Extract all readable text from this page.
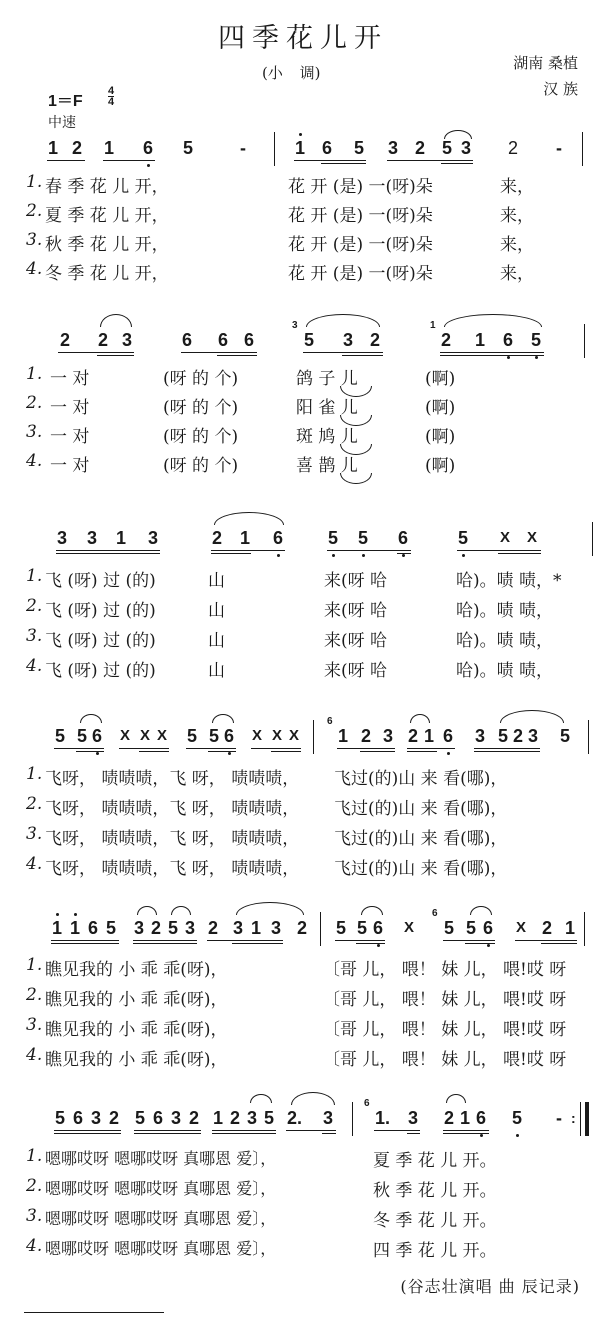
四季花儿开
(小 调)
湖南 桑植
汉 族
1＝F
4
4
中速
1 2 1 6 5	-	1 6 5 3 2 5 3 2 -
1. 春 季 花 儿 开，	花 开 (是) 一(呀)朵	来，
2. 夏 季 花 儿 开，	花 开 (是) 一(呀)朵	来，
3. 秋 季 花 儿 开，	花 开 (是) 一(呀)朵	来，
4. 冬 季 花 儿 开，	花 开 (是) 一(呀)朵	来，
2 2 3	6 6 6
3
5 3 2
1
2 1 6 5
1. 一 对	(呀 的 个)	鸽 子 儿	(啊)
2. 一 对	(呀 的 个)	阳 雀 儿	(啊)
3. 一 对	(呀 的 个)	斑 鸠 儿	(啊)
4. 一 对	(呀 的 个)	喜 鹊 儿	(啊)
3 3 1 3	2 1 6 5 5 6	5 X X
1. 飞 (呀) 过 (的)	山	来(呀 哈	哈)。啧 啧，*
2. 飞 (呀) 过 (的)	山	来(呀 哈	哈)。啧 啧，
3. 飞 (呀) 过 (的)	山	来(呀 哈	哈)。啧 啧，
4. 飞 (呀) 过 (的)	山	来(呀 哈	哈)。啧 啧，
5 5 6 X X X 5 5 6 X X X
6
1 2 3 2 1 6 3 5 2 3 5
1. 飞呀， 啧啧啧，飞 呀， 啧啧啧， 飞过(的)山 来 看(哪)，
2. 飞呀， 啧啧啧，飞 呀， 啧啧啧， 飞过(的)山 来 看(哪)，
3. 飞呀， 啧啧啧，飞 呀， 啧啧啧， 飞过(的)山 来 看(哪)，
4. 飞呀， 啧啧啧，飞 呀， 啧啧啧， 飞过(的)山 来 看(哪)，
1 1 6 5 3 2 5 3 2 3 1 3 2 5 5 6 X
6
5 5 6 X 2 1
1. 瞧见我的 小 乖 乖(呀)，	〔哥 儿， 喂！ 妹 儿， 喂!哎 呀
2. 瞧见我的 小 乖 乖(呀)，	〔哥 儿， 喂！ 妹 儿， 喂!哎 呀
3. 瞧见我的 小 乖 乖(呀)，	〔哥 儿， 喂！ 妹 儿， 喂!哎 呀
4. 瞧见我的 小 乖 乖(呀)，	〔哥 儿， 喂！ 妹 儿， 喂!哎 呀
5 6 3 2 5 6 3 2 1 2 3 5 2. 3
6
1. 3 2 1 6 5 - :
1. 嗯哪哎呀 嗯哪哎呀 真哪恩 爱〕，	夏 季 花 儿 开。
2. 嗯哪哎呀 嗯哪哎呀 真哪恩 爱〕，	秋 季 花 儿 开。
3. 嗯哪哎呀 嗯哪哎呀 真哪恩 爱〕，	冬 季 花 儿 开。
4. 嗯哪哎呀 嗯哪哎呀 真哪恩 爱〕，	四 季 花 儿 开。
(谷志壮演唱 曲 辰记录)
